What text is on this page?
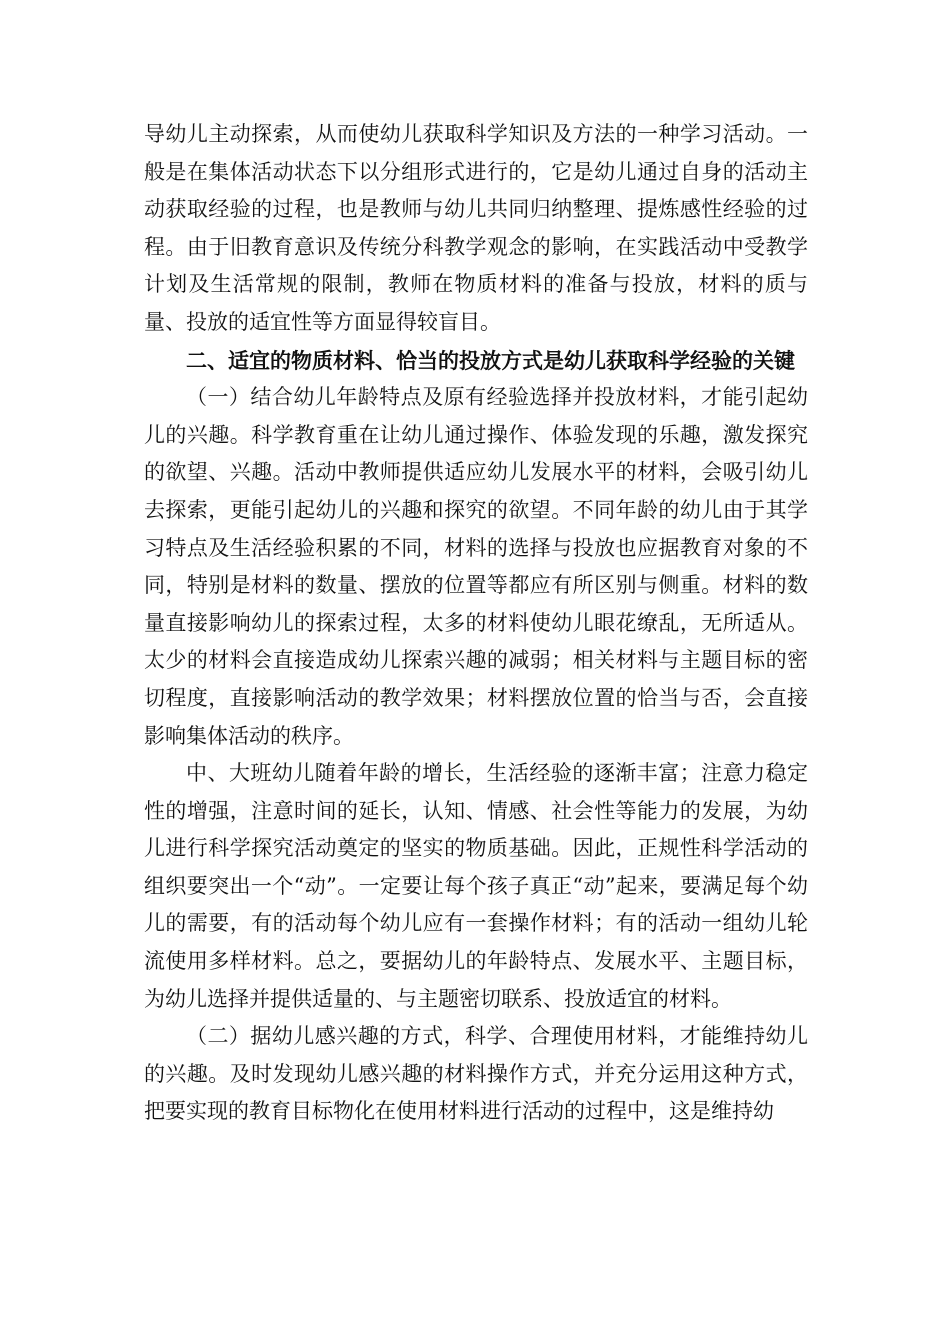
导幼儿主动探索，从而使幼儿获取科学知识及方法的一种学习活动。一般是在集体活动状态下以分组形式进行的，它是幼儿通过自身的活动主动获取经验的过程，也是教师与幼儿共同归纳整理、提炼感性经验的过程。由于旧教育意识及传统分科教学观念的影响，在实践活动中受教学计划及生活常规的限制，教师在物质材料的准备与投放，材料的质与量、投放的适宜性等方面显得较盲目。

二、适宜的物质材料、恰当的投放方式是幼儿获取科学经验的关键

（一）结合幼儿年龄特点及原有经验选择并投放材料，才能引起幼儿的兴趣。科学教育重在让幼儿通过操作、体验发现的乐趣，激发探究的欲望、兴趣。活动中教师提供适应幼儿发展水平的材料，会吸引幼儿去探索，更能引起幼儿的兴趣和探究的欲望。不同年龄的幼儿由于其学习特点及生活经验积累的不同，材料的选择与投放也应据教育对象的不同，特别是材料的数量、摆放的位置等都应有所区别与侧重。材料的数量直接影响幼儿的探索过程，太多的材料使幼儿眼花缭乱，无所适从。太少的材料会直接造成幼儿探索兴趣的减弱；相关材料与主题目标的密切程度，直接影响活动的教学效果；材料摆放位置的恰当与否，会直接影响集体活动的秩序。

中、大班幼儿随着年龄的增长，生活经验的逐渐丰富；注意力稳定性的增强，注意时间的延长，认知、情感、社会性等能力的发展，为幼儿进行科学探究活动奠定的坚实的物质基础。因此，正规性科学活动的组织要突出一个“动”。一定要让每个孩子真正“动”起来，要满足每个幼儿的需要，有的活动每个幼儿应有一套操作材料；有的活动一组幼儿轮流使用多样材料。总之，要据幼儿的年龄特点、发展水平、主题目标，为幼儿选择并提供适量的、与主题密切联系、投放适宜的材料。

（二）据幼儿感兴趣的方式，科学、合理使用材料，才能维持幼儿的兴趣。及时发现幼儿感兴趣的材料操作方式，并充分运用这种方式，把要实现的教育目标物化在使用材料进行活动的过程中，这是维持幼
